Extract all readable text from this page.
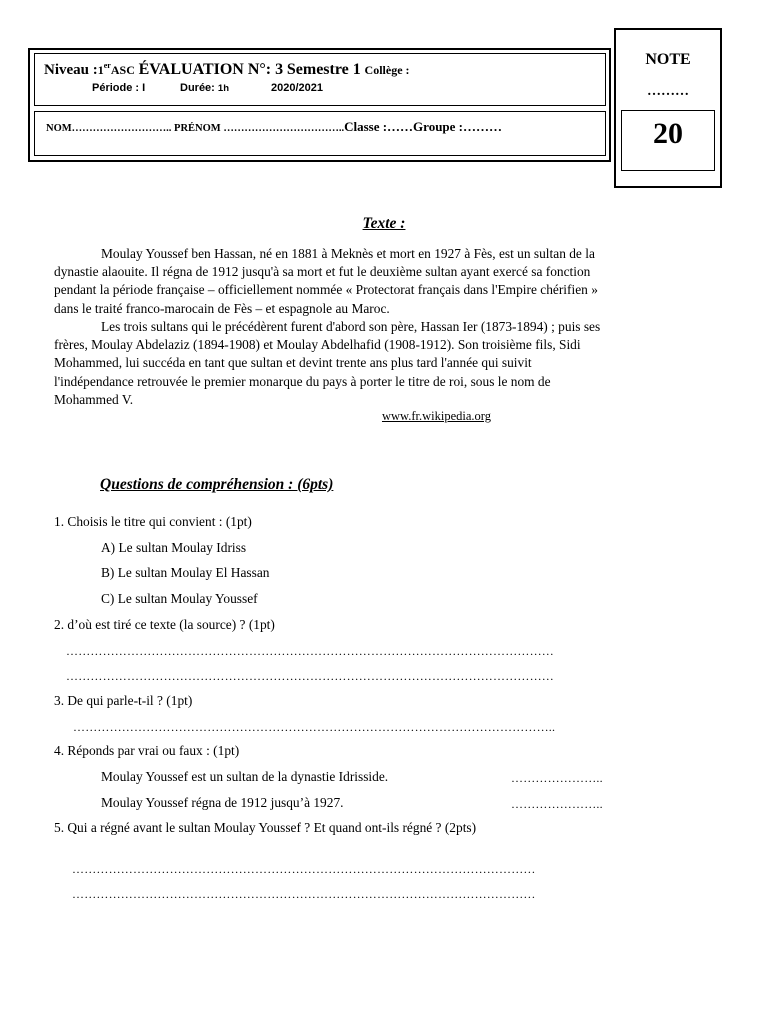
Niveau :1erASC ÉVALUATION N°: 3 Semestre 1 Collège :
Période : I	Durée: 1h	2020/2021
NOM……………………….. PRÉNOM ……………………………..Classe :……Groupe :………
NOTE
………
20
Texte :
Moulay Youssef ben Hassan, né en 1881 à Meknès et mort en 1927 à Fès, est un sultan de la
dynastie alaouite. Il régna de 1912 jusqu'à sa mort et fut le deuxième sultan ayant exercé sa fonction
pendant la période française – officiellement nommée « Protectorat français dans l'Empire chérifien »
dans le traité franco-marocain de Fès – et espagnole au Maroc.
Les trois sultans qui le précédèrent furent d'abord son père, Hassan Ier (1873-1894) ; puis ses
frères, Moulay Abdelaziz (1894-1908) et Moulay Abdelhafid (1908-1912). Son troisième fils, Sidi
Mohammed, lui succéda en tant que sultan et devint trente ans plus tard l'année qui suivit
l'indépendance retrouvée le premier monarque du pays à porter le titre de roi, sous le nom de
Mohammed V.
www.fr.wikipedia.org
Questions de compréhension : (6pts)
1. Choisis le titre qui convient : (1pt)
A) Le sultan Moulay Idriss
B) Le sultan Moulay El Hassan
C) Le sultan Moulay Youssef
2. d’où est tiré ce texte (la source) ? (1pt)
…………………………………………………………………………………………………………
…………………………………………………………………………………………………………
3. De qui parle-t-il ? (1pt)
………………………………………………………………………………………………………..
4. Réponds par vrai ou faux : (1pt)
Moulay Youssef est un sultan de la dynastie Idrisside.	…………………..
Moulay Youssef régna de 1912 jusqu’à 1927.	…………………..
5. Qui a régné avant le sultan Moulay Youssef ? Et quand ont-ils régné ? (2pts)
……………………………………………………………………………………………………
……………………………………………………………………………………………………
